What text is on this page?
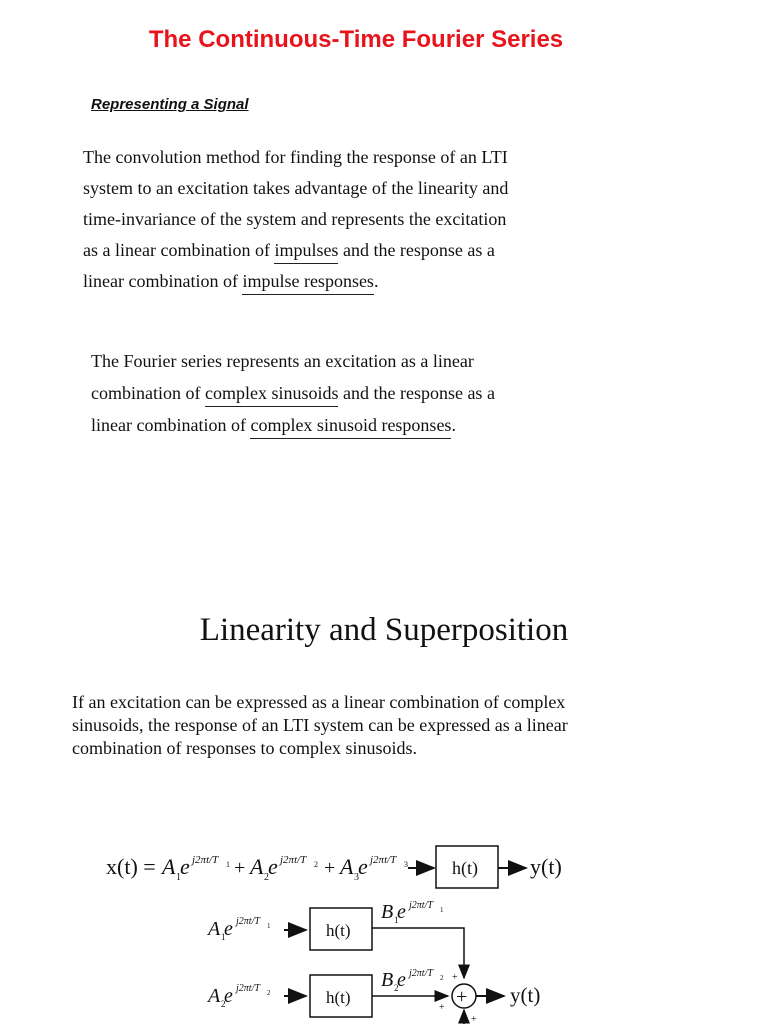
The Continuous-Time Fourier Series
Representing a Signal
The convolution method for finding the response of an LTI
system to an excitation takes advantage of the linearity and
time-invariance of the system and represents the excitation
as a linear combination of impulses and the response as a
linear combination of impulse responses.
The Fourier series represents an excitation as a linear
combination of complex sinusoids and the response as a
linear combination of complex sinusoid responses.
Linearity and Superposition
If an excitation can be expressed as a linear combination of complex sinusoids, the response of an LTI system can be expressed as a linear combination of responses to complex sinusoids.
x(t) = A 1 e j2πt/T 1 + A 2 e j2πt/T 2 + A 3 e j2πt/T 3 h(t) y(t)
A 1
e j2πt/T 1	h(t)
B 1
e j2πt/T 1
A 2
e j2πt/T 2	h(t)
B 2
e j2πt/T 2
+
+
+
+
y(t)
